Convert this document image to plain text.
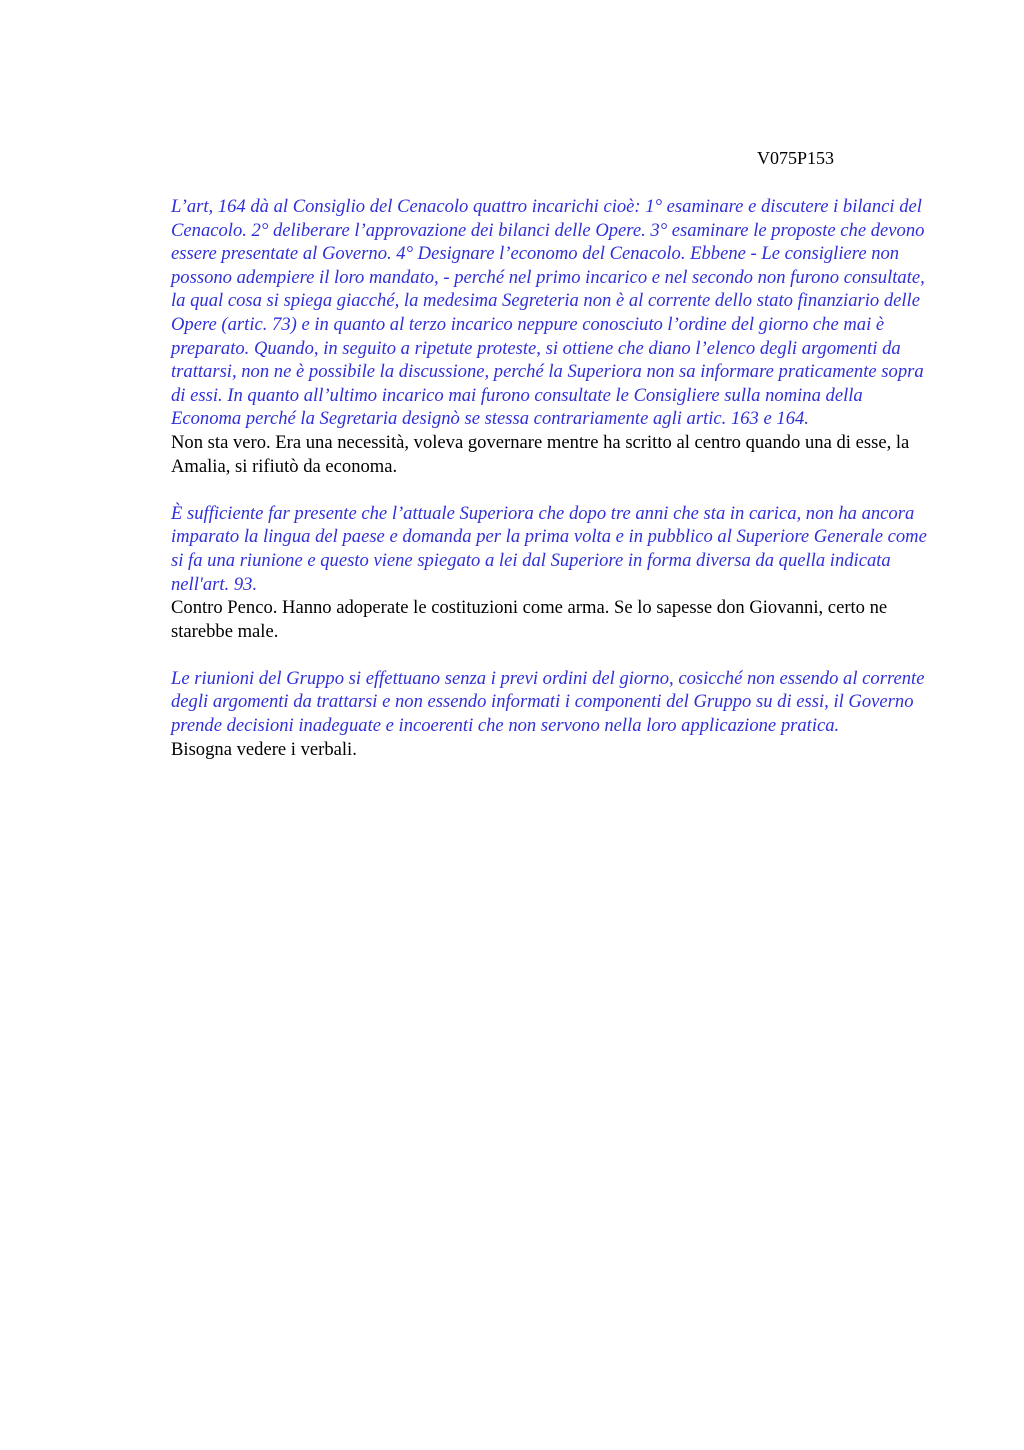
V075P153

L’art, 164 dà al Consiglio del Cenacolo quattro incarichi cioè: 1° esaminare e discutere i bilanci del Cenacolo. 2° deliberare l’approvazione dei bilanci delle Opere. 3° esaminare le proposte che devono essere presentate al Governo. 4° Designare l’economo del Cenacolo. Ebbene - Le consigliere non possono adempiere il loro mandato, - perché nel primo incarico e nel secondo non furono consultate, la qual cosa si spiega giacché, la medesima Segreteria non è al corrente dello stato finanziario delle Opere (artic. 73) e in quanto al terzo incarico neppure conosciuto l’ordine del giorno che mai è preparato. Quando, in seguito a ripetute proteste, si ottiene che diano l’elenco degli argomenti da trattarsi, non ne è possibile la discussione, perché la Superiora non sa informare praticamente sopra di essi. In quanto all’ultimo incarico mai furono consultate le Consigliere sulla nomina della Economa perché la Segretaria designò se stessa contrariamente agli artic. 163 e 164.

Non sta vero. Era una necessità, voleva governare mentre ha scritto al centro quando una di esse, la Amalia, si rifiutò da economa.

È sufficiente far presente che l’attuale Superiora che dopo tre anni che sta in carica, non ha ancora imparato la lingua del paese e domanda per la prima volta e in pubblico al Superiore Generale come si fa una riunione e questo viene spiegato a lei dal Superiore in forma diversa da quella indicata nell'art. 93.

Contro Penco. Hanno adoperate le costituzioni come arma. Se lo sapesse don Giovanni, certo ne starebbe male.

Le riunioni del Gruppo si effettuano senza i previ ordini del giorno, cosicché non essendo al corrente degli argomenti da trattarsi e non essendo informati i componenti del Gruppo su di essi, il Governo prende decisioni inadeguate e incoerenti che non servono nella loro applicazione pratica.

Bisogna vedere i verbali.
